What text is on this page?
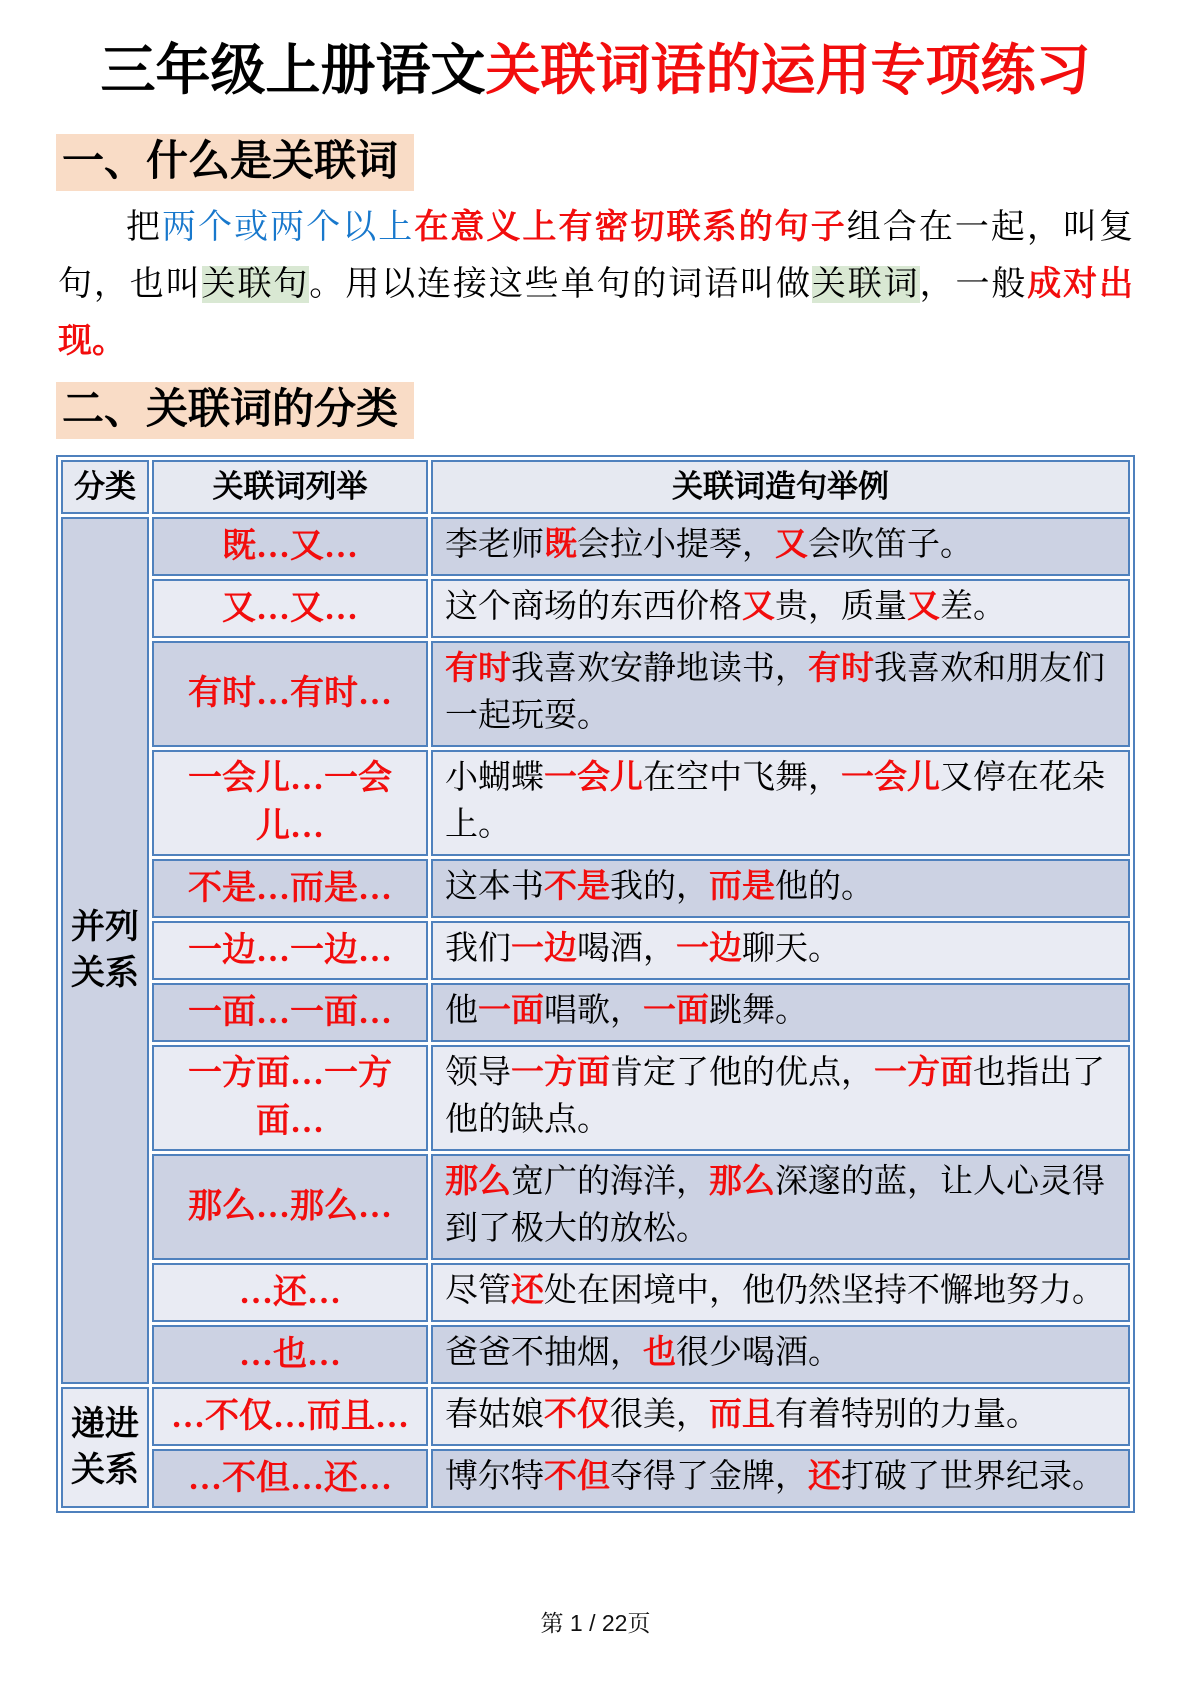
三年级上册语文关联词语的运用专项练习
一、什么是关联词

把两个或两个以上在意义上有密切联系的句子组合在一起，叫复句，也叫关联句。用以连接这些单句的词语叫做关联词，一般成对出现。

二、关联词的分类
分类	关联词列举	关联词造句举例
并列关系	既…又…	李老师既会拉小提琴，又会吹笛子。
	又…又…	这个商场的东西价格又贵，质量又差。
	有时…有时…	有时我喜欢安静地读书，有时我喜欢和朋友们一起玩耍。
	一会儿…一会儿…	小蝴蝶一会儿在空中飞舞，一会儿又停在花朵上。
	不是…而是…	这本书不是我的，而是他的。
	一边…一边…	我们一边喝酒，一边聊天。
	一面…一面…	他一面唱歌，一面跳舞。
	一方面…一方面…	领导一方面肯定了他的优点，一方面也指出了他的缺点。
	那么…那么…	那么宽广的海洋，那么深邃的蓝，让人心灵得到了极大的放松。
	…还…	尽管还处在困境中，他仍然坚持不懈地努力。
	…也…	爸爸不抽烟，也很少喝酒。
递进关系	…不仅…而且…	春姑娘不仅很美，而且有着特别的力量。
	…不但…还…	博尔特不但夺得了金牌，还打破了世界纪录。
第 1 / 22页
